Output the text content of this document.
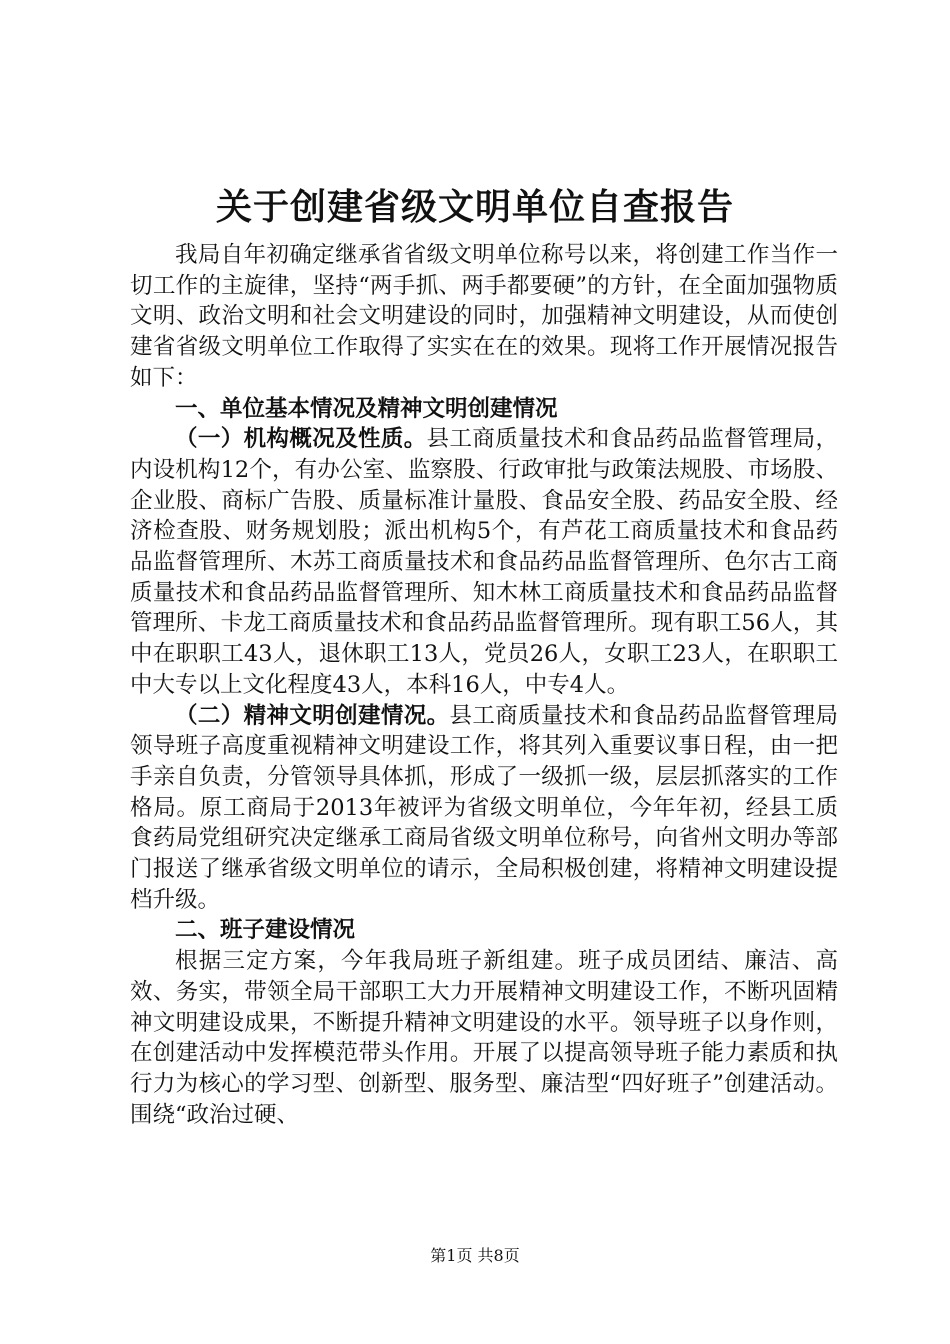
关于创建省级文明单位自查报告

我局自年初确定继承省省级文明单位称号以来，将创建工作当作一切工作的主旋律，坚持“两手抓、两手都要硬”的方针，在全面加强物质文明、政治文明和社会文明建设的同时，加强精神文明建设，从而使创建省省级文明单位工作取得了实实在在的效果。现将工作开展情况报告如下：

一、单位基本情况及精神文明创建情况

（一）机构概况及性质。县工商质量技术和食品药品监督管理局，内设机构12个，有办公室、监察股、行政审批与政策法规股、市场股、企业股、商标广告股、质量标准计量股、食品安全股、药品安全股、经济检查股、财务规划股；派出机构5个，有芦花工商质量技术和食品药品监督管理所、木苏工商质量技术和食品药品监督管理所、色尔古工商质量技术和食品药品监督管理所、知木林工商质量技术和食品药品监督管理所、卡龙工商质量技术和食品药品监督管理所。现有职工56人，其中在职职工43人，退休职工13人，党员26人，女职工23人，在职职工中大专以上文化程度43人，本科16人，中专4人。

（二）精神文明创建情况。县工商质量技术和食品药品监督管理局领导班子高度重视精神文明建设工作，将其列入重要议事日程，由一把手亲自负责，分管领导具体抓，形成了一级抓一级，层层抓落实的工作格局。原工商局于2013年被评为省级文明单位，今年年初，经县工质食药局党组研究决定继承工商局省级文明单位称号，向省州文明办等部门报送了继承省级文明单位的请示，全局积极创建，将精神文明建设提档升级。

二、班子建设情况

根据三定方案，今年我局班子新组建。班子成员团结、廉洁、高效、务实，带领全局干部职工大力开展精神文明建设工作，不断巩固精神文明建设成果，不断提升精神文明建设的水平。领导班子以身作则，在创建活动中发挥模范带头作用。开展了以提高领导班子能力素质和执行力为核心的学习型、创新型、服务型、廉洁型“四好班子”创建活动。围绕“政治过硬、

第1页 共8页
